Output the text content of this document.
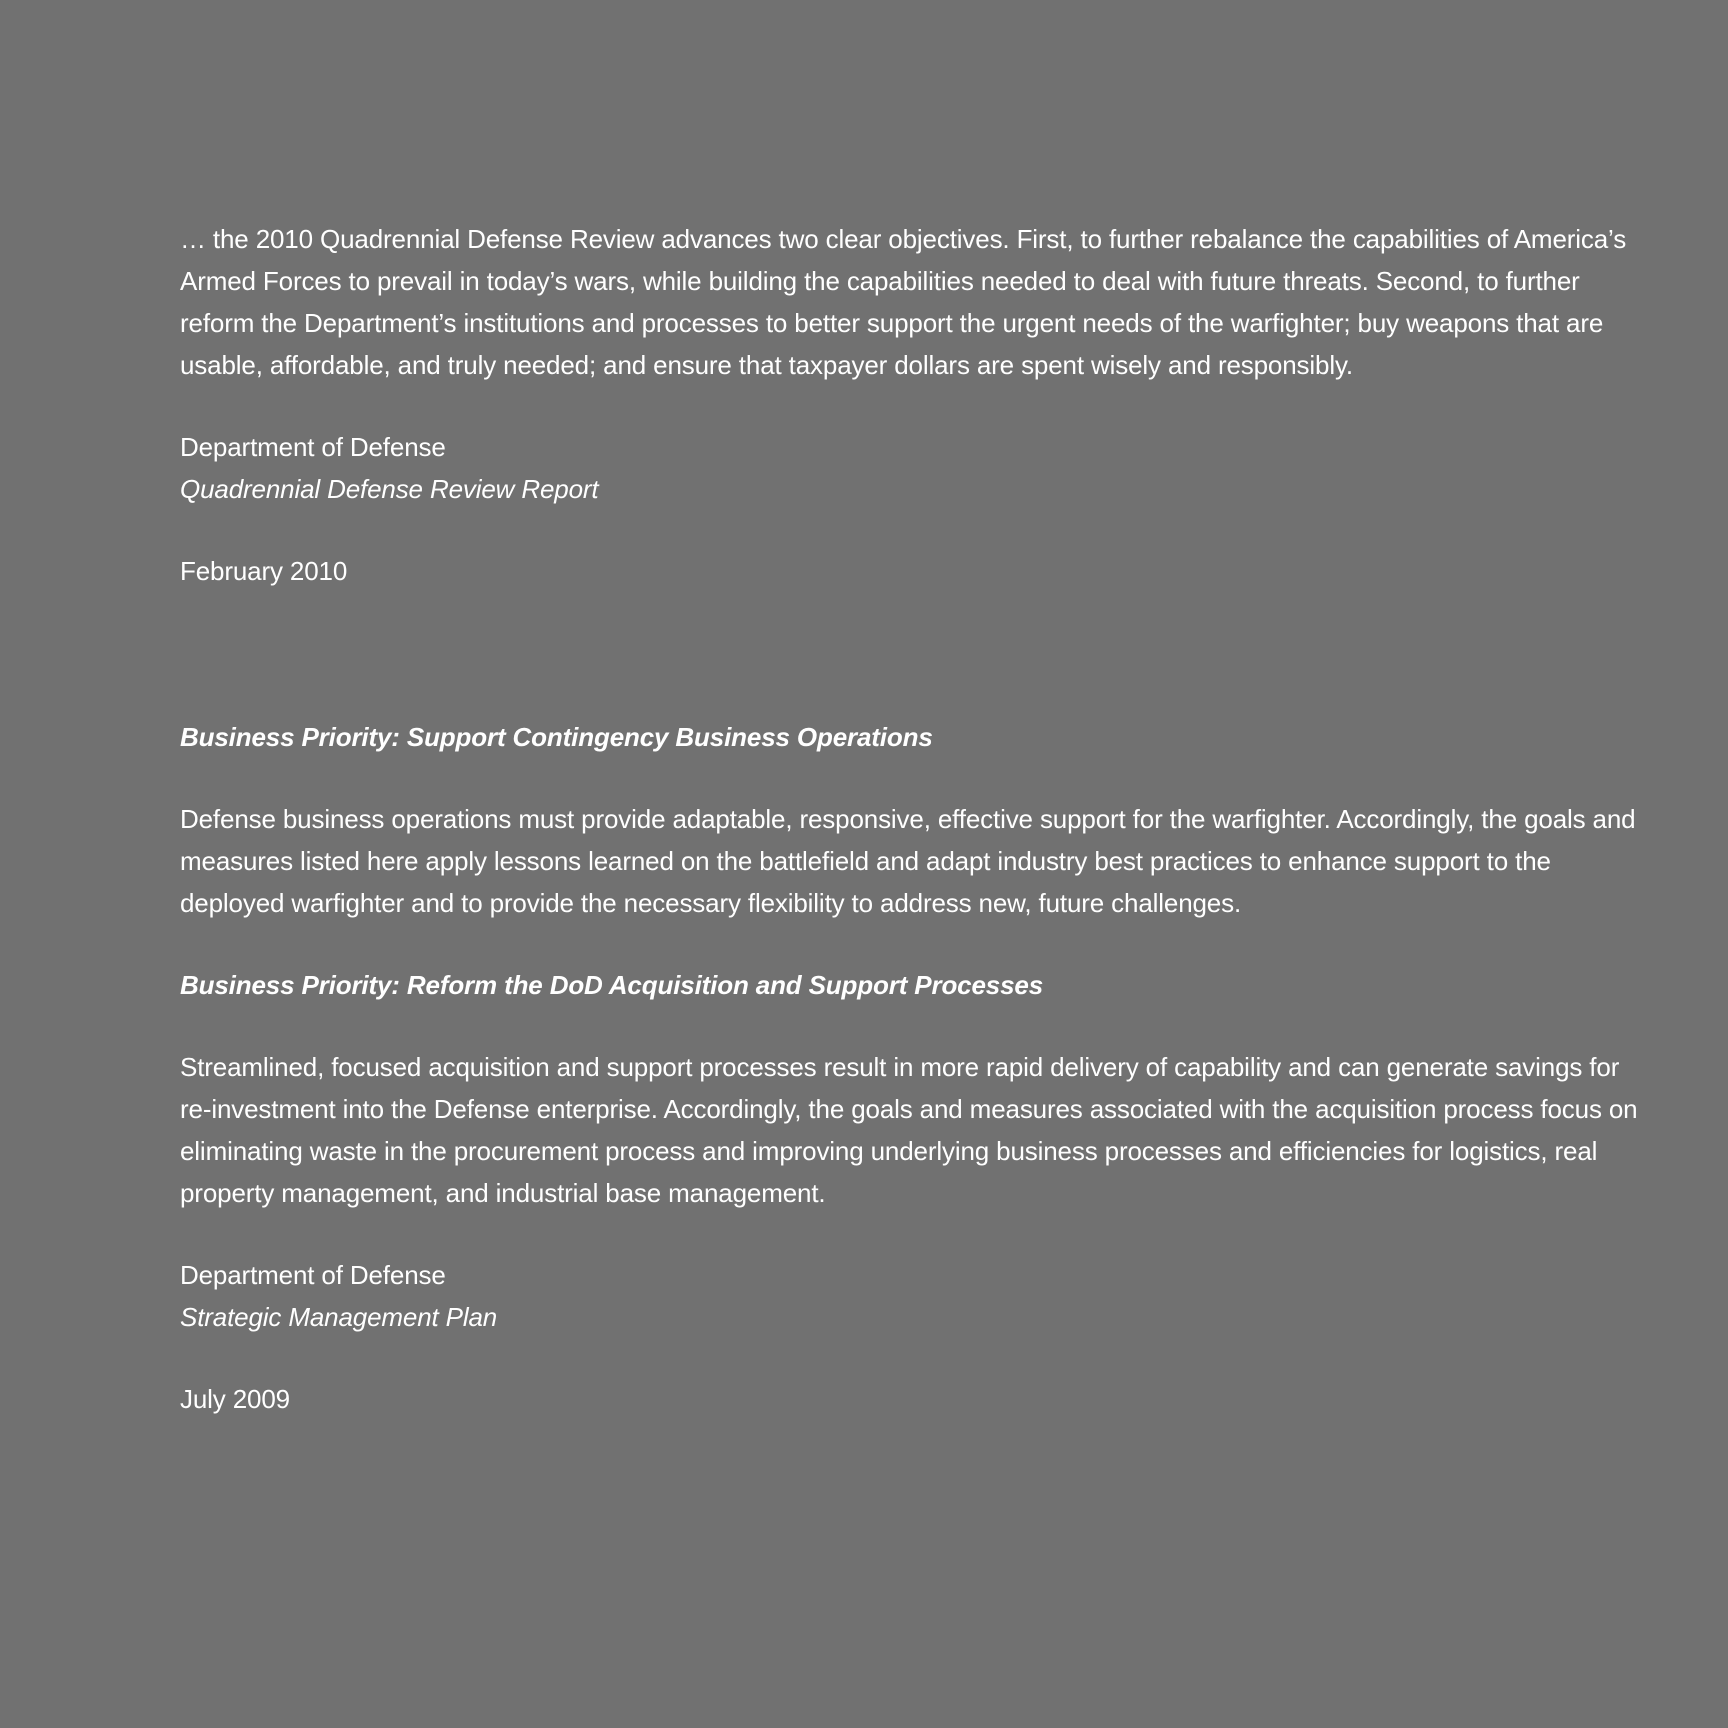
… the 2010 Quadrennial Defense Review advances two clear objectives. First, to further rebalance the capabilities of America’s Armed Forces to prevail in today’s wars, while building the capabilities needed to deal with future threats. Second, to further reform the Department’s institutions and processes to better support the urgent needs of the warfighter; buy weapons that are usable, affordable, and truly needed; and ensure that taxpayer dollars are spent wisely and responsibly.

Department of Defense
Quadrennial Defense Review Report

February 2010

Business Priority: Support Contingency Business Operations

Defense business operations must provide adaptable, responsive, effective support for the warfighter. Accordingly, the goals and measures listed here apply lessons learned on the battlefield and adapt industry best practices to enhance support to the deployed warfighter and to provide the necessary flexibility to address new, future challenges.

Business Priority: Reform the DoD Acquisition and Support Processes

Streamlined, focused acquisition and support processes result in more rapid delivery of capability and can generate savings for re-investment into the Defense enterprise. Accordingly, the goals and measures associated with the acquisition process focus on eliminating waste in the procurement process and improving underlying business processes and efficiencies for logistics, real property management, and industrial base management.

Department of Defense
Strategic Management Plan

July 2009
